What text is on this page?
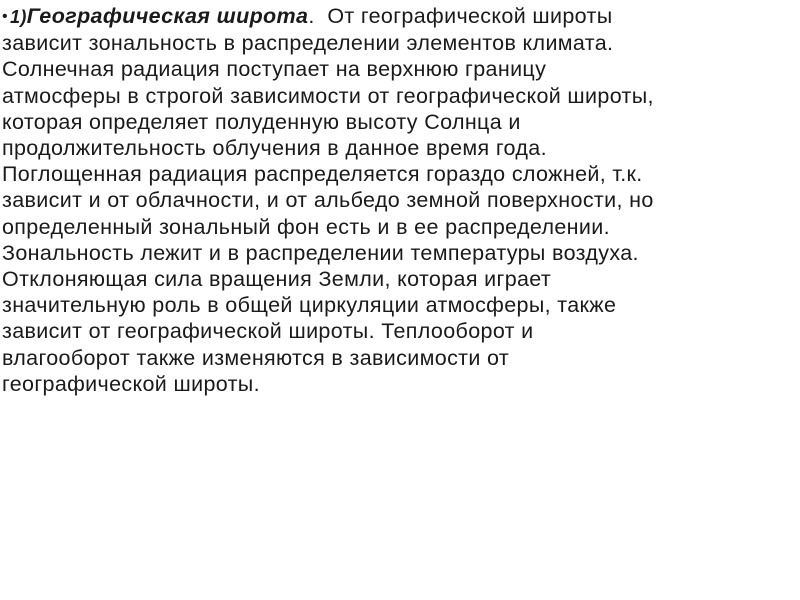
• 1)Географическая широта.  От географической широты
зависит зональность в распределении элементов климата.
Солнечная радиация поступает на верхнюю границу
атмосферы в строгой зависимости от географической широты,
которая определяет полуденную высоту Солнца и
продолжительность облучения в данное время года.
Поглощенная радиация распределяется гораздо сложней, т.к.
зависит и от облачности, и от альбедо земной поверхности, но
определенный зональный фон есть и в ее распределении.
Зональность лежит и в распределении температуры воздуха.
Отклоняющая сила вращения Земли, которая играет
значительную роль в общей циркуляции атмосферы, также
зависит от географической широты. Теплооборот и
влагооборот также изменяются в зависимости от
географической широты.
